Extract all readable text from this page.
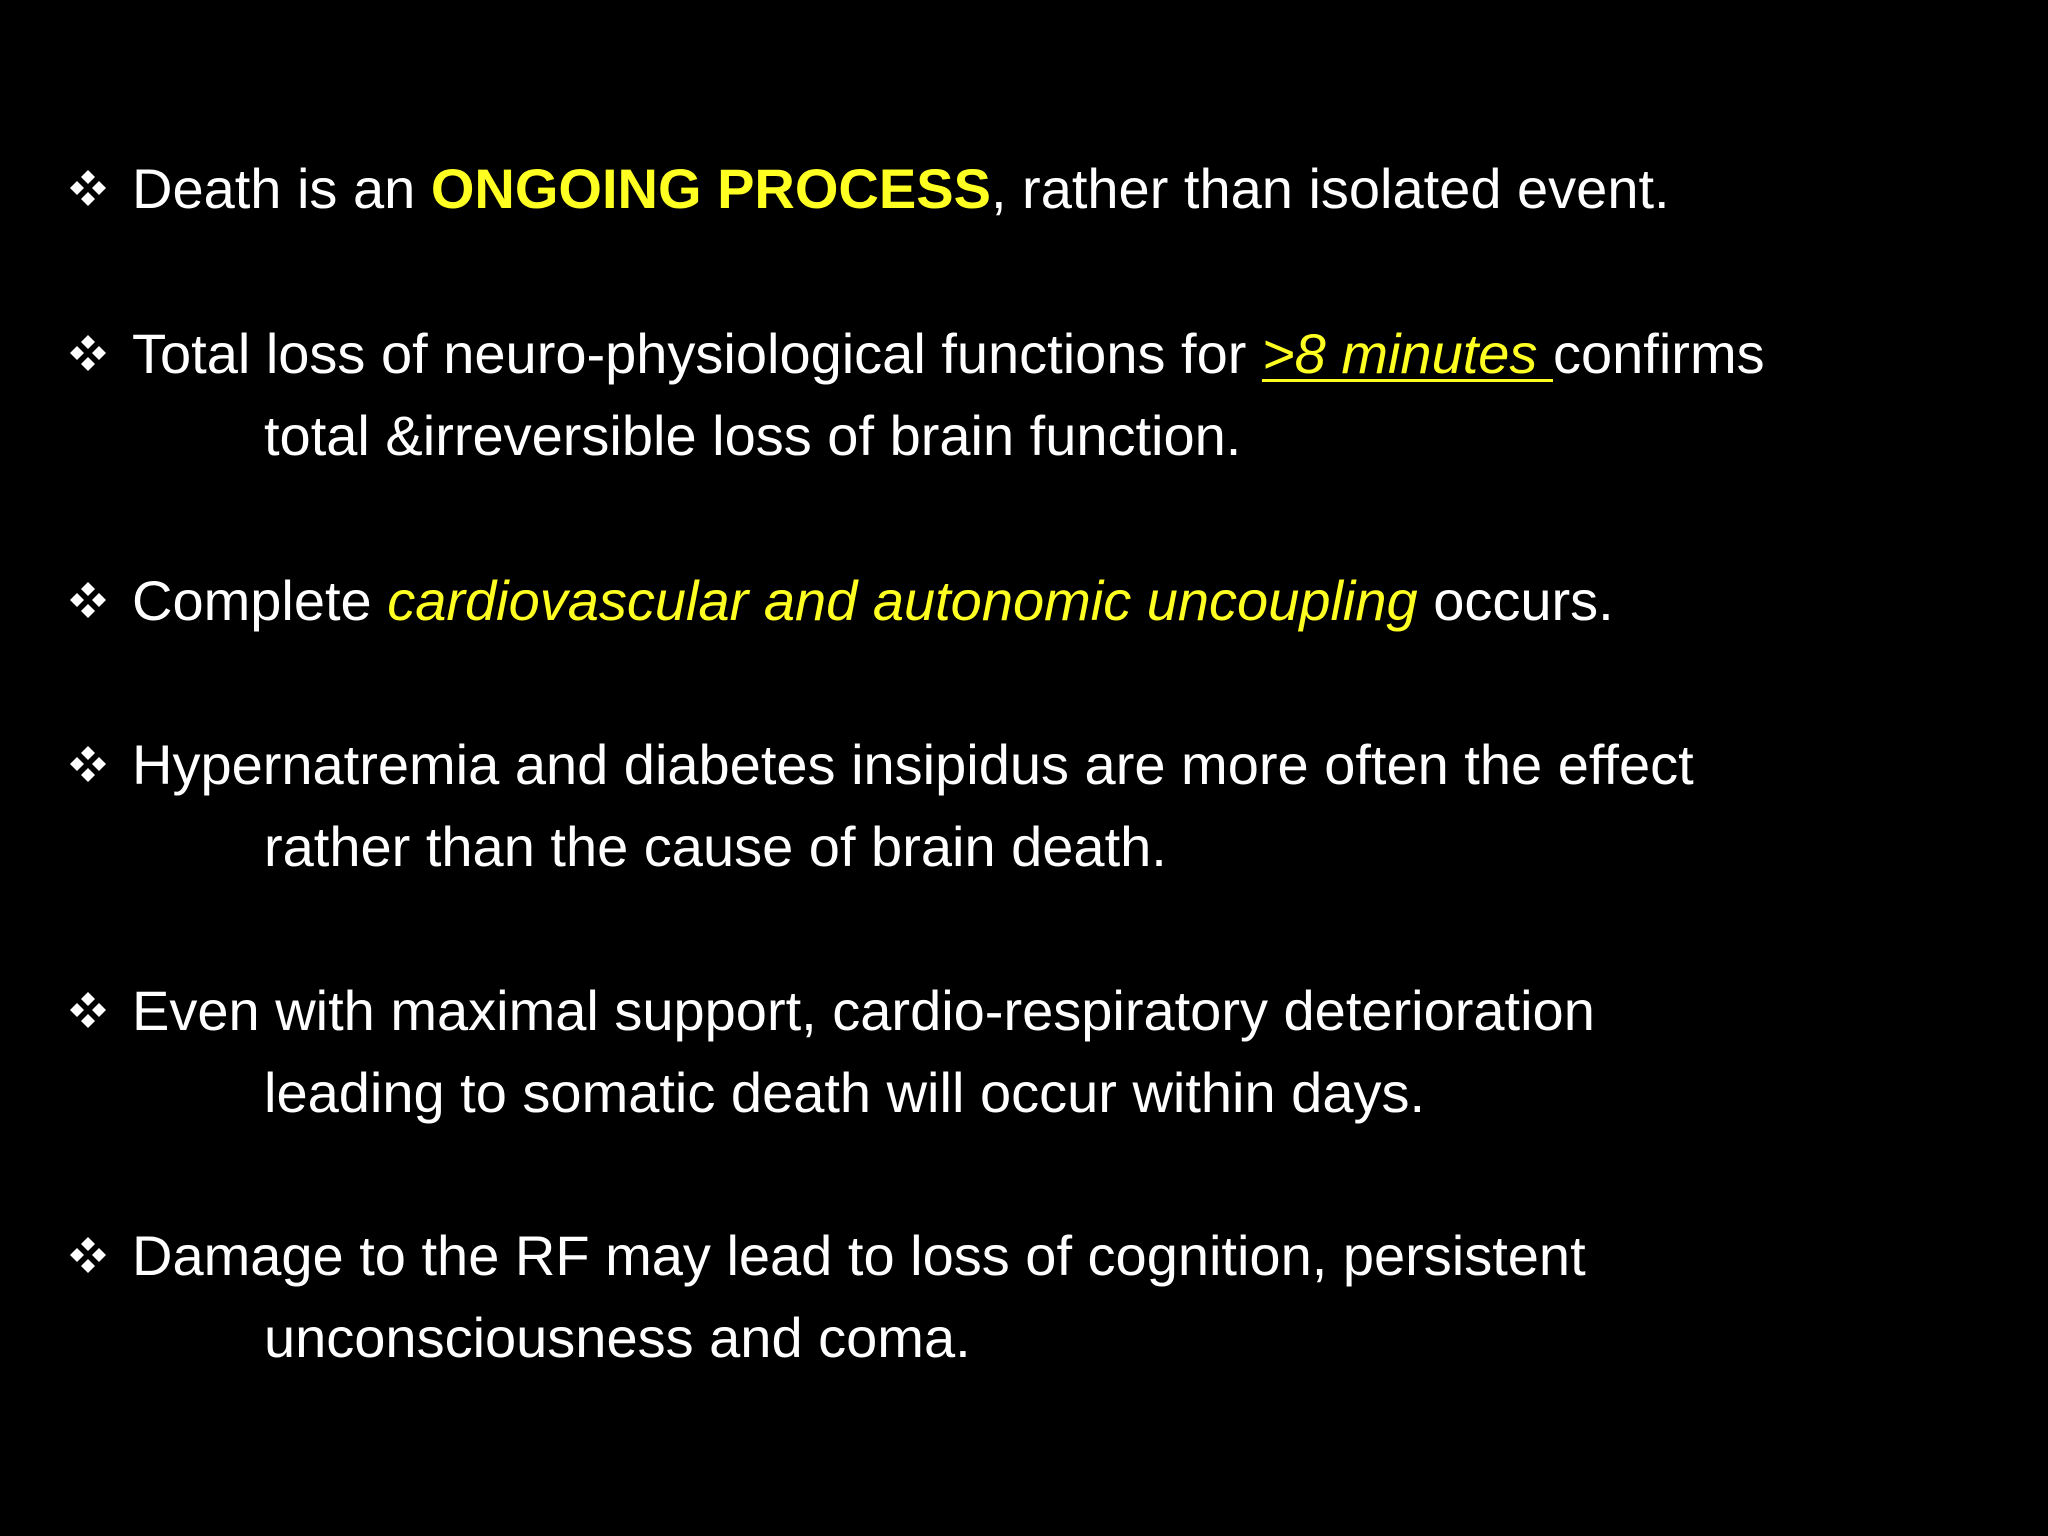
Death is an ONGOING PROCESS, rather than isolated event.
Total loss of neuro-physiological functions for >8 minutes confirms
total &irreversible loss of brain function.
Complete cardiovascular and autonomic uncoupling occurs.
Hypernatremia and diabetes insipidus are more often the effect
rather than the cause of brain death.
Even with maximal support, cardio-respiratory deterioration
leading to somatic death will occur within days.
Damage to the RF may lead to loss of cognition, persistent
unconsciousness and coma.
